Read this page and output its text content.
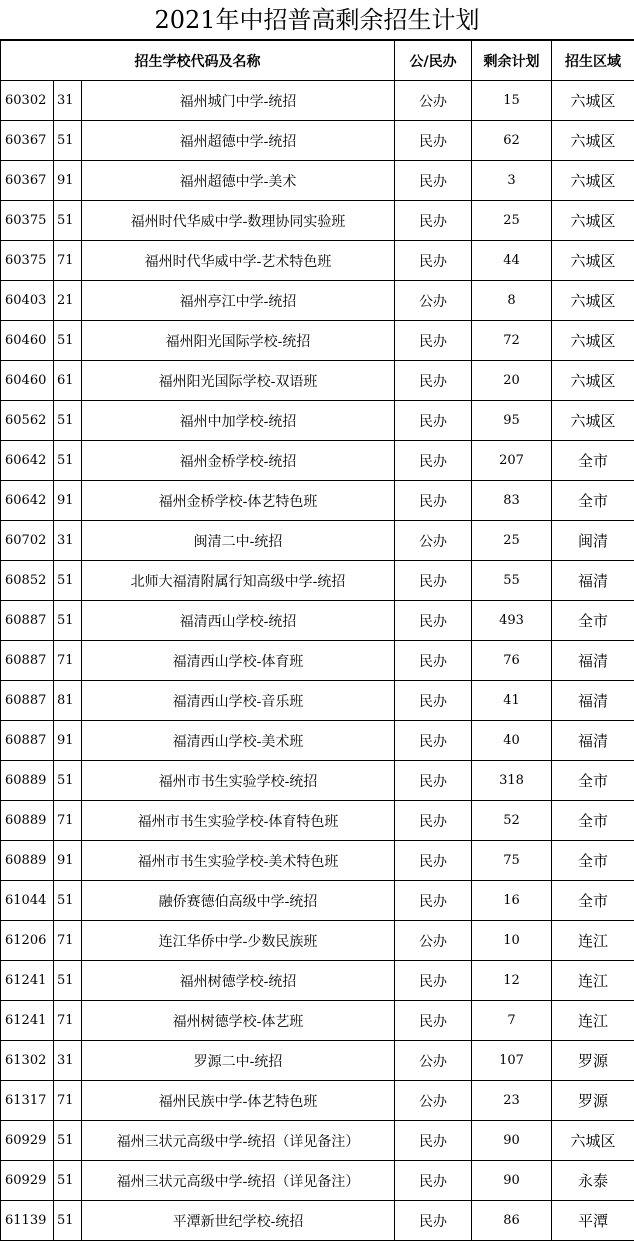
2021年中招普高剩余招生计划
招生学校代码及名称			公/民办	剩余计划	招生区域
60302	31	福州城门中学-统招	公办	15	六城区
60367	51	福州超德中学-统招	民办	62	六城区
60367	91	福州超德中学-美术	民办	3	六城区
60375	51	福州时代华威中学-数理协同实验班	民办	25	六城区
60375	71	福州时代华威中学-艺术特色班	民办	44	六城区
60403	21	福州亭江中学-统招	公办	8	六城区
60460	51	福州阳光国际学校-统招	民办	72	六城区
60460	61	福州阳光国际学校-双语班	民办	20	六城区
60562	51	福州中加学校-统招	民办	95	六城区
60642	51	福州金桥学校-统招	民办	207	全市
60642	91	福州金桥学校-体艺特色班	民办	83	全市
60702	31	闽清二中-统招	公办	25	闽清
60852	51	北师大福清附属行知高级中学-统招	民办	55	福清
60887	51	福清西山学校-统招	民办	493	全市
60887	71	福清西山学校-体育班	民办	76	福清
60887	81	福清西山学校-音乐班	民办	41	福清
60887	91	福清西山学校-美术班	民办	40	福清
60889	51	福州市书生实验学校-统招	民办	318	全市
60889	71	福州市书生实验学校-体育特色班	民办	52	全市
60889	91	福州市书生实验学校-美术特色班	民办	75	全市
61044	51	融侨赛德伯高级中学-统招	民办	16	全市
61206	71	连江华侨中学-少数民族班	公办	10	连江
61241	51	福州树德学校-统招	民办	12	连江
61241	71	福州树德学校-体艺班	民办	7	连江
61302	31	罗源二中-统招	公办	107	罗源
61317	71	福州民族中学-体艺特色班	公办	23	罗源
60929	51	福州三状元高级中学-统招（详见备注）	民办	90	六城区
60929	51	福州三状元高级中学-统招（详见备注）	民办	90	永泰
61139	51	平潭新世纪学校-统招	民办	86	平潭
